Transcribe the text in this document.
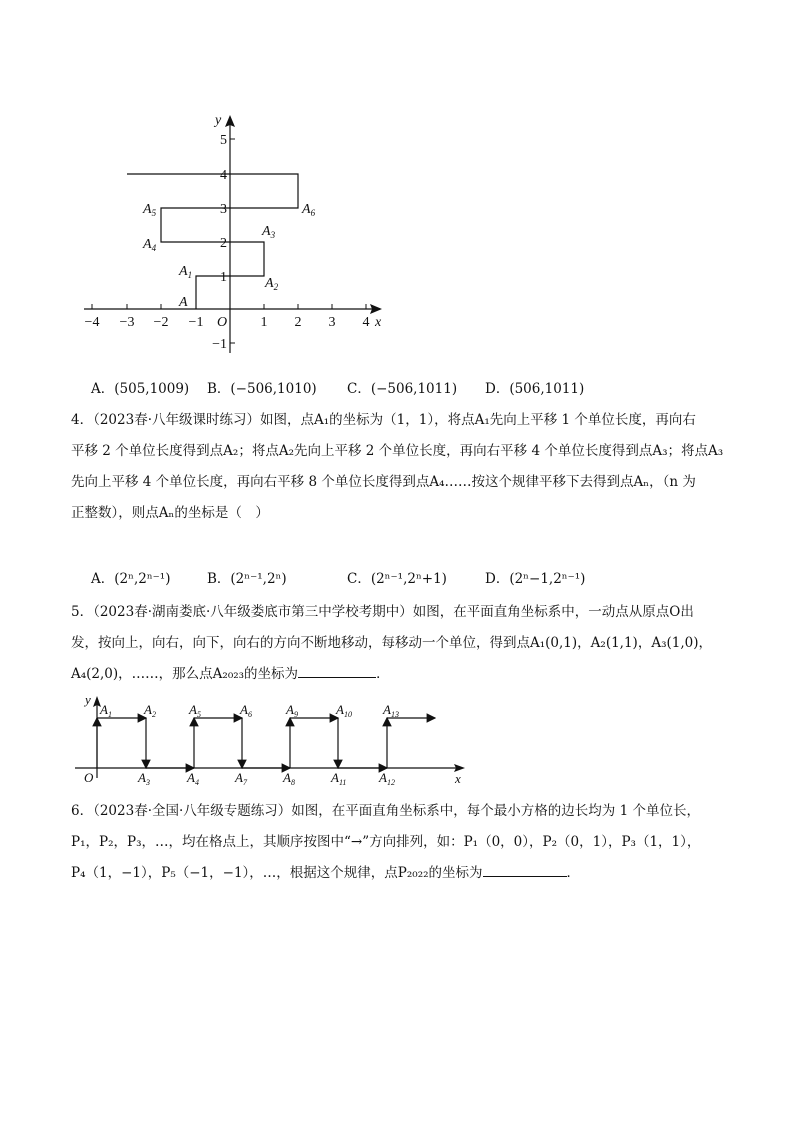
−4 −3 −2 −1	1 2 3 4
5
4
3
2
1
−1
O	x
y
A
$A_1$
$A_2$
$A_3$
$A_4$
$A_5$	$A_6$
A．(505,1009)	B．(−506,1010)	C．(−506,1011)	D．(506,1011)
4．（2023春·八年级课时练习）如图，点A₁的坐标为（1，1），将点A₁先向上平移 1 个单位长度，再向右
平移 2 个单位长度得到点A₂；将点A₂先向上平移 2 个单位长度，再向右平移 4 个单位长度得到点A₃；将点A₃
先向上平移 4 个单位长度，再向右平移 8 个单位长度得到点A₄……按这个规律平移下去得到点Aₙ，（n 为
正整数），则点Aₙ的坐标是（　）
A．(2ⁿ,2ⁿ⁻¹)	B．(2ⁿ⁻¹,2ⁿ)	C．(2ⁿ⁻¹,2ⁿ+1)	D．(2ⁿ−1,2ⁿ⁻¹)
5．（2023春·湖南娄底·八年级娄底市第三中学校考期中）如图，在平面直角坐标系中，一动点从原点O出
发，按向上，向右，向下，向右的方向不断地移动，每移动一个单位，得到点A₁(0,1)，A₂(1,1)，A₃(1,0)，
A₄(2,0)，……，那么点A₂₀₂₃的坐标为	．
O	x
y
$A_1$ $A_2$	$A_5$	$A_6$	$A_9$	$A_{10}$ $A_{13}$
$A_3$	$A_4$	$A_7$	$A_8$	$A_{11}$	$A_{12}$
6．（2023春·全国·八年级专题练习）如图，在平面直角坐标系中，每个最小方格的边长均为 1 个单位长，
P₁，P₂，P₃，…，均在格点上，其顺序按图中“→”方向排列，如：P₁（0，0），P₂（0，1），P₃（1，1），
P₄（1，−1），P₅（−1，−1），…，根据这个规律，点P₂₀₂₂的坐标为	．
